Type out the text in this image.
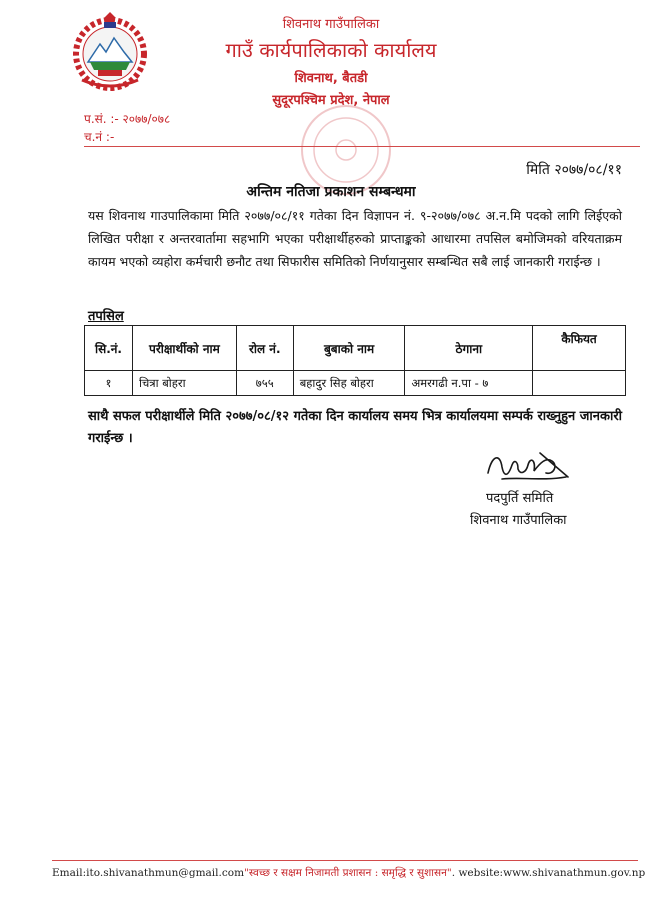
शिवनाथ गाउँपालिका
गाउँ कार्यपालिकाको कार्यालय
शिवनाथ, बैतडी
सुदूरपश्चिम प्रदेश, नेपाल
प.सं. :- २०७७/०७८
च.नं :-
मिति २०७७/०८/११
अन्तिम नतिजा प्रकाशन सम्बन्धमा
यस शिवनाथ गाउपालिकामा मिति २०७७/०८/११ गतेका दिन विज्ञापन नं. ९-२०७७/०७८ अ.न.मि पदको लागि लिईएको लिखित परीक्षा र अन्तरवार्तामा सहभागि भएका परीक्षार्थीहरुको प्राप्ताङ्कको आधारमा तपसिल बमोजिमको वरियताक्रम कायम भएको व्यहोरा कर्मचारी छनौट तथा सिफारीस समितिको निर्णयानुसार सम्बन्धित सबै लाई जानकारी गराईन्छ ।
तपसिल
सि.नं.	परीक्षार्थीको नाम	रोल नं.	बुबाको नाम	ठेगाना	कैफियत
१	चित्रा बोहरा	७५५	बहादुर सिह बोहरा	अमरगढी न.पा - ७	
साथै सफल परीक्षार्थीले मिति २०७७/०८/१२ गतेका दिन कार्यालय समय भित्र कार्यालयमा सम्पर्क राख्नुहुन जानकारी गराईन्छ ।
पदपुर्ति समिति
शिवनाथ गाउँपालिका
Email:ito.shivanathmun@gmail.com"स्वच्छ र सक्षम निजामती प्रशासन : समृद्धि र सुशासन". website:www.shivanathmun.gov.np
